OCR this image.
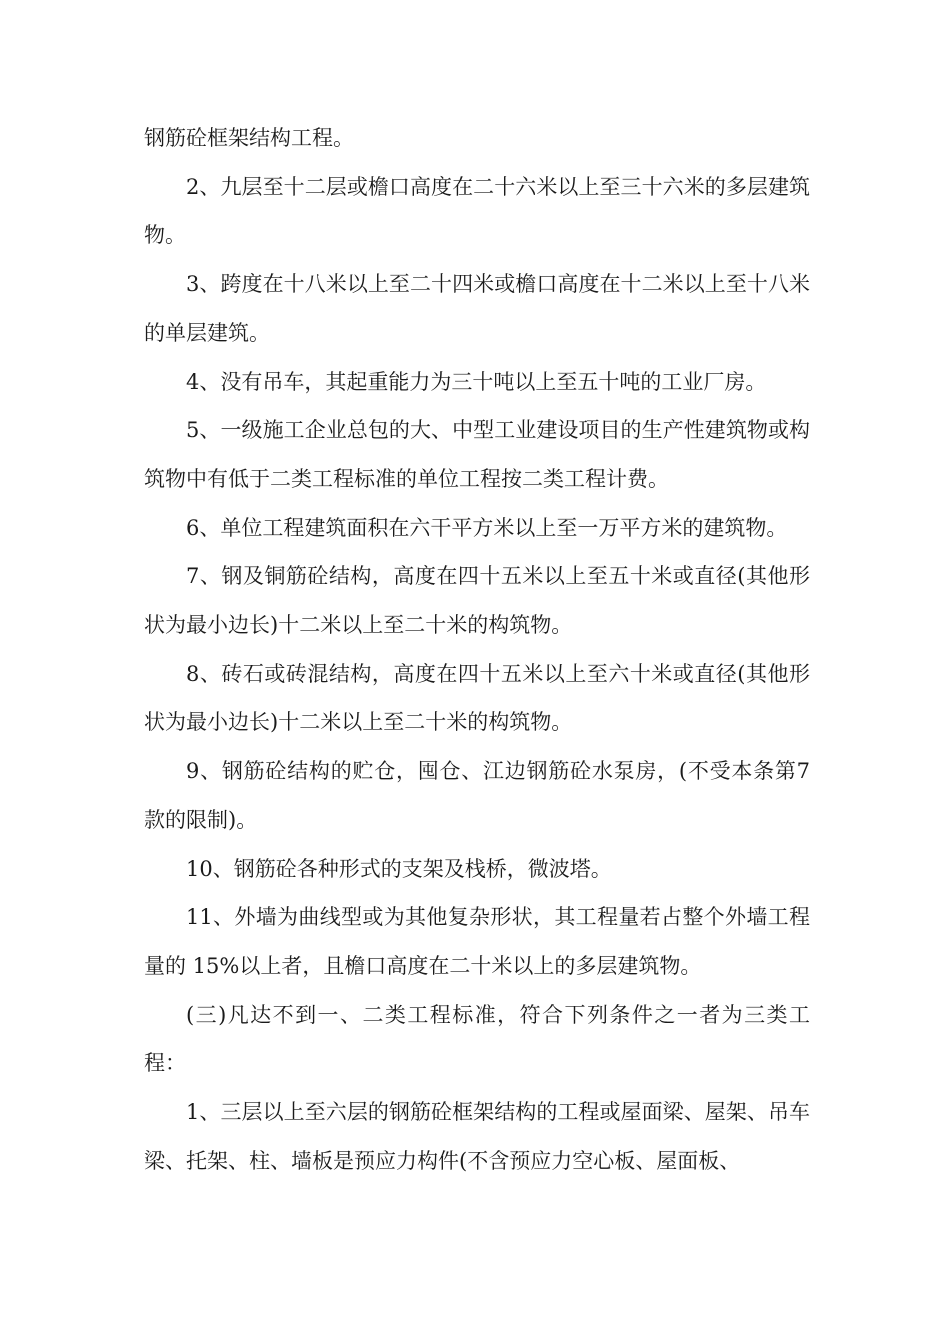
钢筋砼框架结构工程。

2、九层至十二层或檐口高度在二十六米以上至三十六米的多层建筑物。

3、跨度在十八米以上至二十四米或檐口高度在十二米以上至十八米的单层建筑。

4、没有吊车，其起重能力为三十吨以上至五十吨的工业厂房。

5、一级施工企业总包的大、中型工业建设项目的生产性建筑物或构筑物中有低于二类工程标准的单位工程按二类工程计费。

6、单位工程建筑面积在六干平方米以上至一万平方米的建筑物。

7、钢及铜筋砼结构，高度在四十五米以上至五十米或直径(其他形状为最小边长)十二米以上至二十米的构筑物。

8、砖石或砖混结构，高度在四十五米以上至六十米或直径(其他形状为最小边长)十二米以上至二十米的构筑物。

9、钢筋砼结构的贮仓，囤仓、江边钢筋砼水泵房，(不受本条第7 款的限制)。

10、钢筋砼各种形式的支架及栈桥，微波塔。

11、外墙为曲线型或为其他复杂形状，其工程量若占整个外墙工程量的 15%以上者，且檐口高度在二十米以上的多层建筑物。

(三)凡达不到一、二类工程标准，符合下列条件之一者为三类工程：

1、三层以上至六层的钢筋砼框架结构的工程或屋面梁、屋架、吊车梁、托架、柱、墙板是预应力构件(不含预应力空心板、屋面板、
